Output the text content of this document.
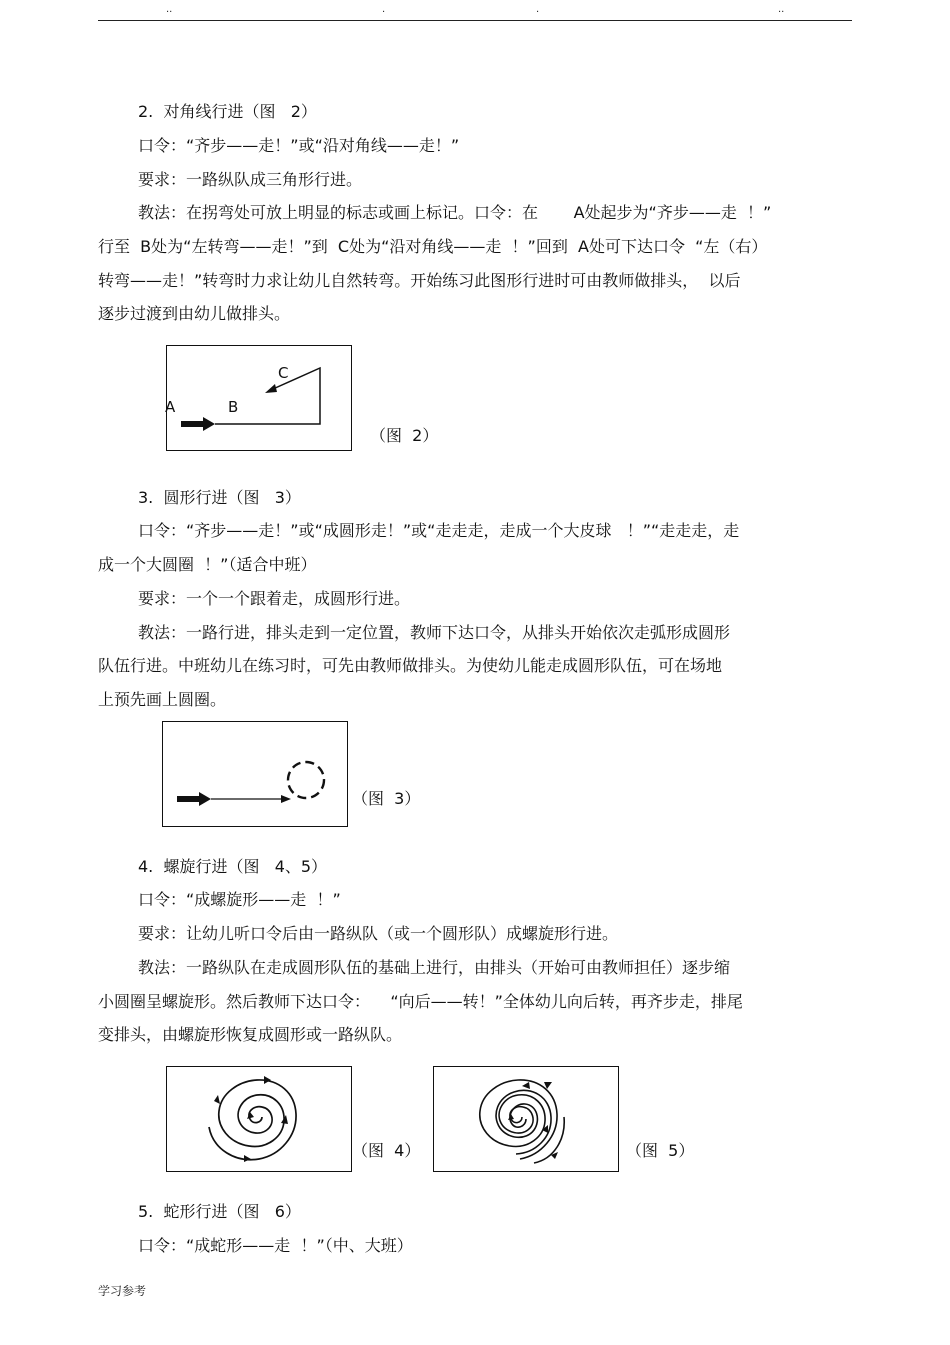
..	.	.	..
2.  对角线行进（图   2）
口令：“齐步——走！”或“沿对角线——走！”
要求：一路纵队成三角形行进。
教法：在拐弯处可放上明显的标志或画上标记。口令：在       A处起步为“齐步——走  ！”
行至  B处为“左转弯——走！”到  C处为“沿对角线——走  ！”回到  A处可下达口令  “左（右）
转弯——走！”转弯时力求让幼儿自然转弯。开始练习此图形行进时可由教师做排头，  以后
逐步过渡到由幼儿做排头。
A	B
C
（图  2）
3.  圆形行进（图   3）
口令：“齐步——走！”或“成圆形走！”或“走走走，走成一个大皮球   ！”“走走走，走
成一个大圆圈  ！”（适合中班）
要求：一个一个跟着走，成圆形行进。
教法：一路行进，排头走到一定位置，教师下达口令，从排头开始依次走弧形成圆形
队伍行进。中班幼儿在练习时，可先由教师做排头。为使幼儿能走成圆形队伍，可在场地
上预先画上圆圈。
（图  3）
4.  螺旋行进（图   4、5）
口令：“成螺旋形——走  ！”
要求：让幼儿听口令后由一路纵队（或一个圆形队）成螺旋形行进。
教法：一路纵队在走成圆形队伍的基础上进行，由排头（开始可由教师担任）逐步缩
小圆圈呈螺旋形。然后教师下达口令：    “向后——转！”全体幼儿向后转，再齐步走，排尾
变排头，由螺旋形恢复成圆形或一路纵队。
（图  4）	（图  5）
5.  蛇形行进（图   6）
口令：“成蛇形——走  ！”（中、大班）
学习参考
